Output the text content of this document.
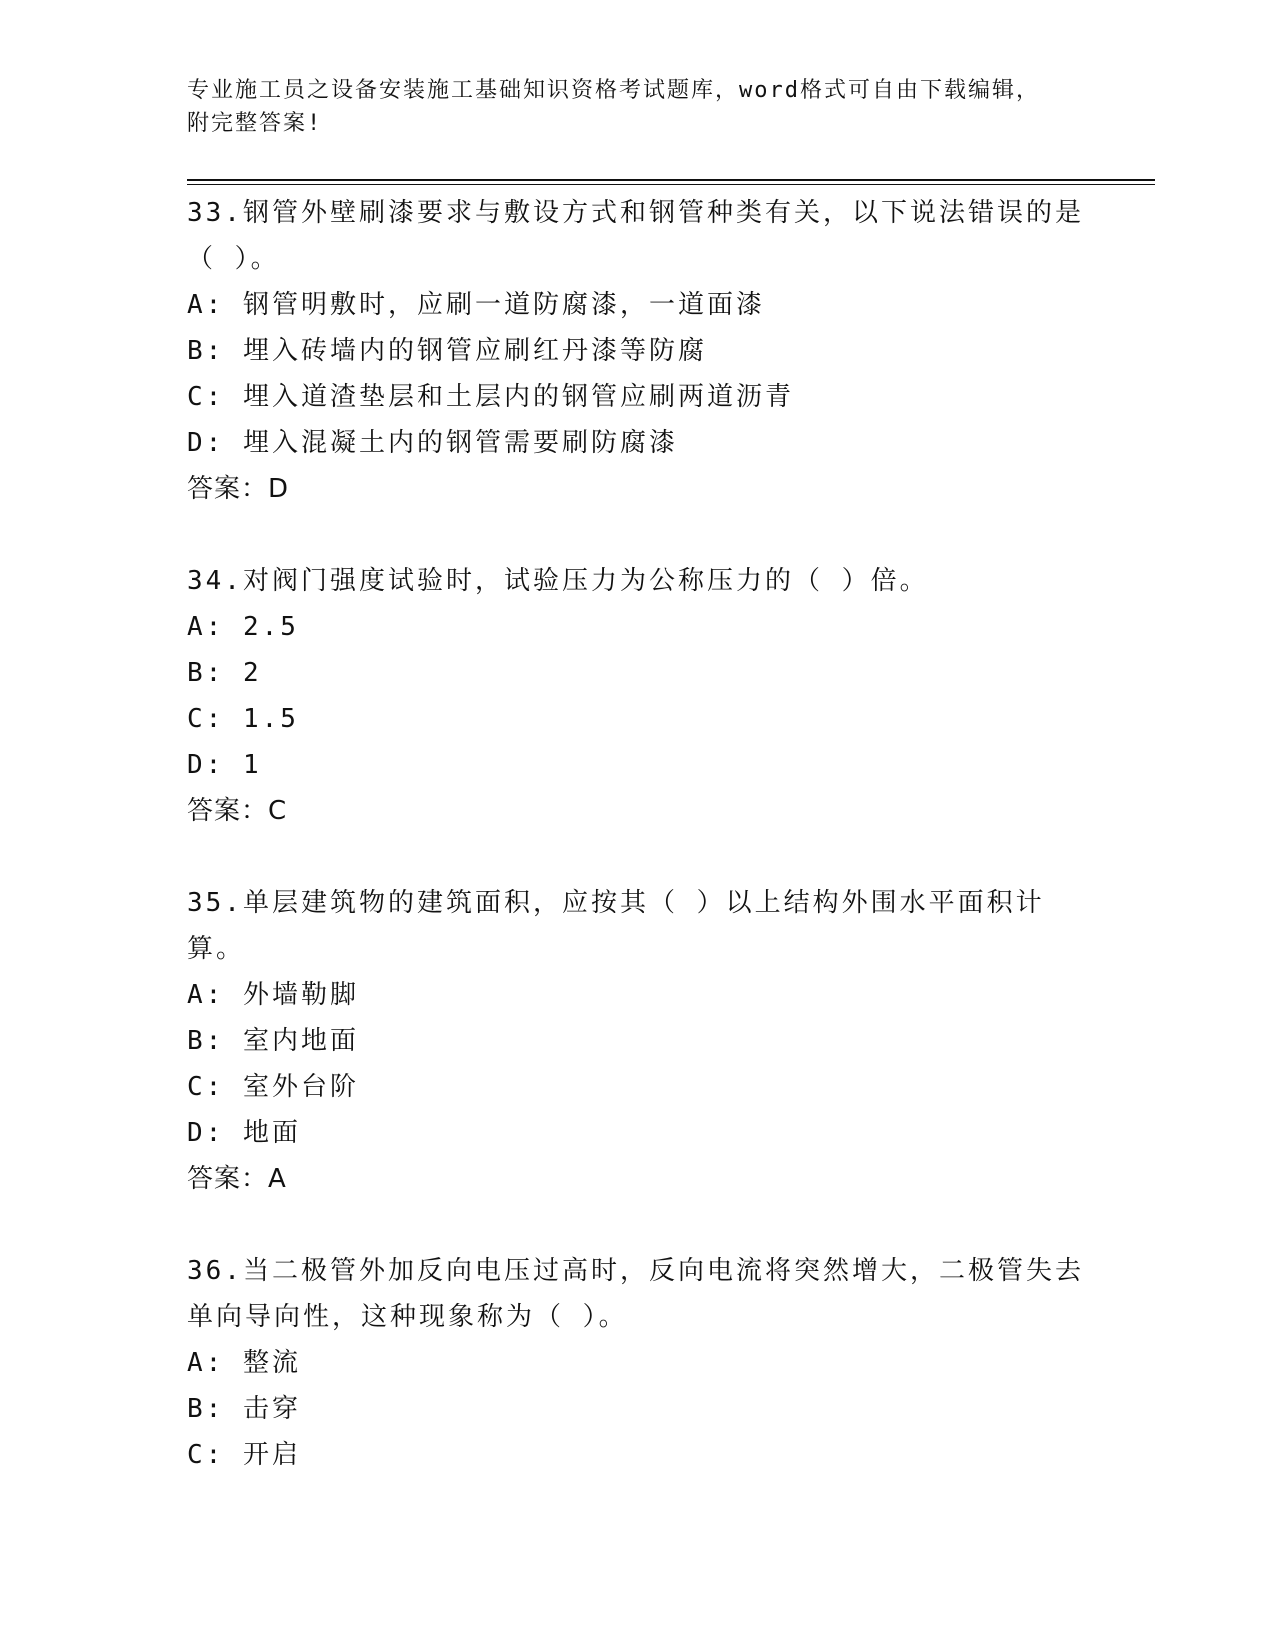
专业施工员之设备安装施工基础知识资格考试题库，word格式可自由下载编辑，
附完整答案!
33.钢管外壁刷漆要求与敷设方式和钢管种类有关，以下说法错误的是（ ）。
A: 钢管明敷时，应刷一道防腐漆，一道面漆
B: 埋入砖墙内的钢管应刷红丹漆等防腐
C: 埋入道渣垫层和土层内的钢管应刷两道沥青
D: 埋入混凝土内的钢管需要刷防腐漆
答案：D
34.对阀门强度试验时，试验压力为公称压力的（ ）倍。
A: 2.5
B: 2
C: 1.5
D: 1
答案：C
35.单层建筑物的建筑面积，应按其（ ）以上结构外围水平面积计算。
A: 外墙勒脚
B: 室内地面
C: 室外台阶
D: 地面
答案：A
36.当二极管外加反向电压过高时，反向电流将突然增大，二极管失去单向导向性，这种现象称为（ ）。
A: 整流
B: 击穿
C: 开启
